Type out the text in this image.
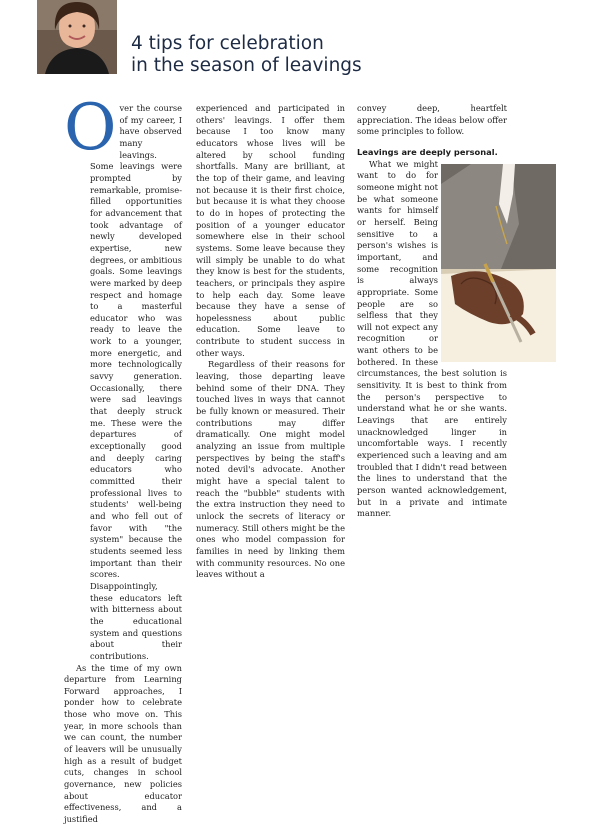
4 tips for celebration
in the season of leavings

O ver the course of my career, I have observed many leavings. Some leavings were prompted by remarkable, promise-filled opportunities for advancement that took advantage of newly developed expertise, new degrees, or ambitious goals. Some leavings were marked by deep respect and homage to a masterful educator who was ready to leave the work to a younger, more energetic, and more technologically savvy generation. Occasionally, there were sad leavings that deeply struck me. These were the departures of exceptionally good and deeply caring educators who committed their professional lives to students' well-being and who fell out of favor with "the system" because the students seemed less important than their scores. Disappointingly, these educators left with bitterness about the educational system and questions about their contributions.

As the time of my own departure from Learning Forward approaches, I ponder how to celebrate those who move on. This year, in more schools than we can count, the number of leavers will be unusually high as a result of budget cuts, changes in school governance, new policies about educator effectiveness, and a justified

experienced and participated in others' leavings. I offer them because I too know many educators whose lives will be altered by school funding shortfalls. Many are brilliant, at the top of their game, and leaving not because it is their first choice, but because it is what they choose to do in hopes of protecting the position of a younger educator somewhere else in their school systems. Some leave because they will simply be unable to do what they know is best for the students, teachers, or principals they aspire to help each day. Some leave because they have a sense of hopelessness about public education. Some leave to contribute to student success in other ways.

Regardless of their reasons for leaving, those departing leave behind some of their DNA. They touched lives in ways that cannot be fully known or measured. Their contributions may differ dramatically. One might model analyzing an issue from multiple perspectives by being the staff's noted devil's advocate. Another might have a special talent to reach the "bubble" students with the extra instruction they need to unlock the secrets of literacy or numeracy. Still others might be the ones who model compassion for families in need by linking them with community resources. No one leaves without a

convey deep, heartfelt appreciation. The ideas below offer some principles to follow.

Leavings are deeply personal.

What we might want to do for someone might not be what someone wants for himself or herself. Being sensitive to a person's wishes is important, and some recognition is always appropriate. Some people are so selfless that they will not expect any recognition or want others to be bothered. In these circumstances, the best solution is sensitivity. It is best to think from the person's perspective to understand what he or she wants. Leavings that are entirely unacknowledged linger in uncomfortable ways. I recently experienced such a leaving and am troubled that I didn't read between the lines to understand that the person wanted acknowledgement, but in a private and intimate manner.
